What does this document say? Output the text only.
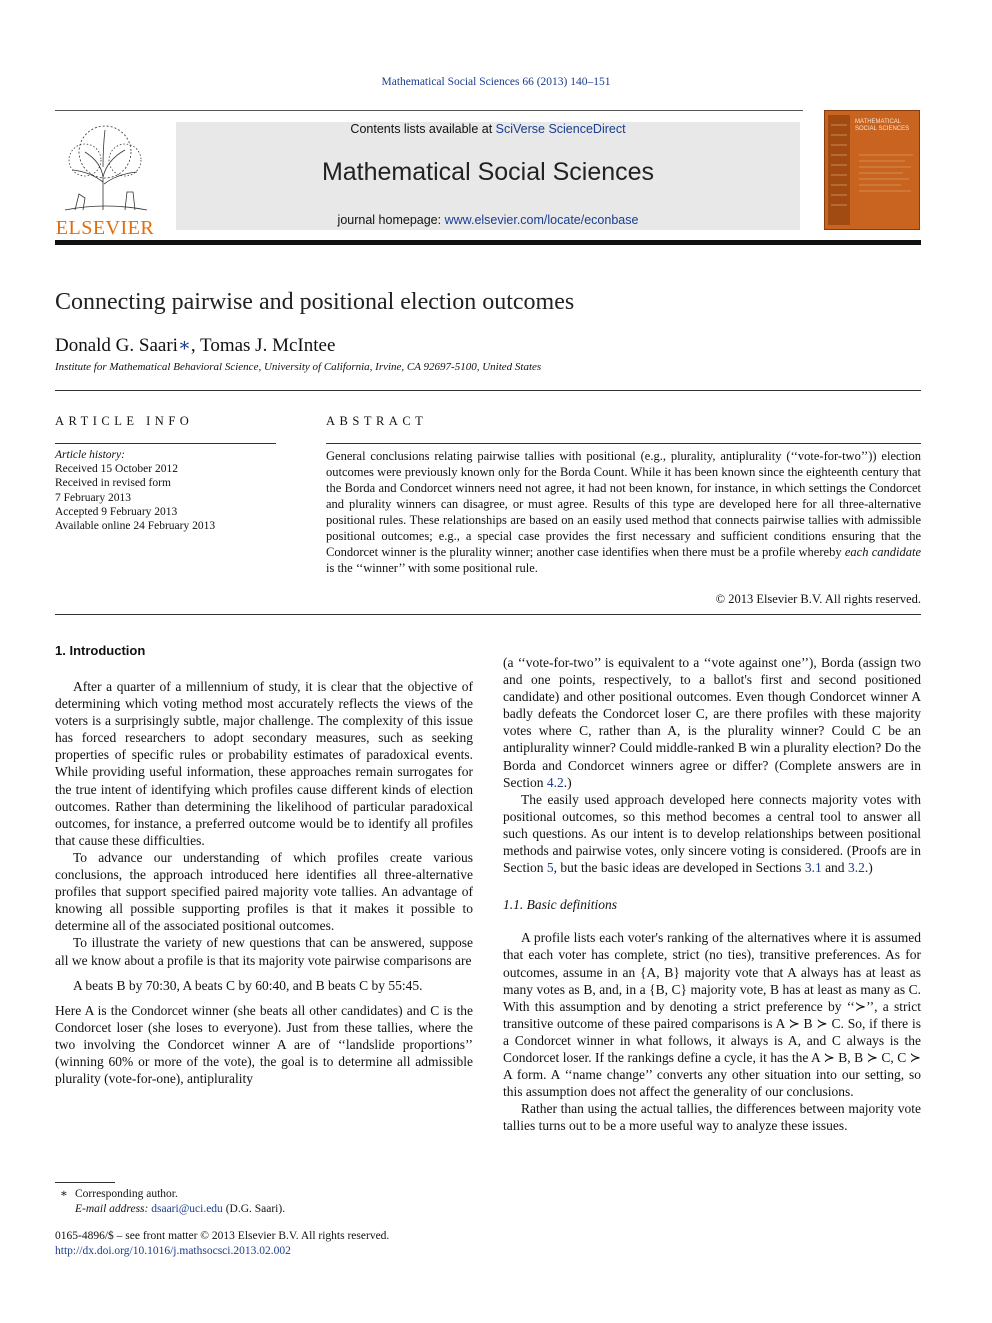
Mathematical Social Sciences 66 (2013) 140–151
ELSEVIER
Contents lists available at SciVerse ScienceDirect
Mathematical Social Sciences
journal homepage: www.elsevier.com/locate/econbase
MATHEMATICAL SOCIAL SCIENCES
Connecting pairwise and positional election outcomes
Donald G. Saari∗, Tomas J. McIntee
Institute for Mathematical Behavioral Science, University of California, Irvine, CA 92697-5100, United States
ARTICLE INFO	ABSTRACT
Article history:
Received 15 October 2012
Received in revised form
7 February 2013
Accepted 9 February 2013
Available online 24 February 2013
General conclusions relating pairwise tallies with positional (e.g., plurality, antiplurality (‘‘vote-for-two’’)) election outcomes were previously known only for the Borda Count. While it has been known since the eighteenth century that the Borda and Condorcet winners need not agree, it had not been known, for instance, in which settings the Condorcet and plurality winners can disagree, or must agree. Results of this type are developed here for all three-alternative positional rules. These relationships are based on an easily used method that connects pairwise tallies with admissible positional outcomes; e.g., a special case provides the first necessary and sufficient conditions ensuring that the Condorcet winner is the plurality winner; another case identifies when there must be a profile whereby each candidate is the ‘‘winner’’ with some positional rule.
© 2013 Elsevier B.V. All rights reserved.
1. Introduction

After a quarter of a millennium of study, it is clear that the objective of determining which voting method most accurately reflects the views of the voters is a surprisingly subtle, major challenge. The complexity of this issue has forced researchers to adopt secondary measures, such as seeking properties of specific rules or probability estimates of paradoxical events. While providing useful information, these approaches remain surrogates for the true intent of identifying which profiles cause different kinds of election outcomes. Rather than determining the likelihood of particular paradoxical outcomes, for instance, a preferred outcome would be to identify all profiles that cause these difficulties.

To advance our understanding of which profiles create various conclusions, the approach introduced here identifies all three-alternative profiles that support specified paired majority vote tallies. An advantage of knowing all possible supporting profiles is that it makes it possible to determine all of the associated positional outcomes.

To illustrate the variety of new questions that can be answered, suppose all we know about a profile is that its majority vote pairwise comparisons are

A beats B by 70:30, A beats C by 60:40, and B beats C by 55:45.

Here A is the Condorcet winner (she beats all other candidates) and C is the Condorcet loser (she loses to everyone). Just from these tallies, where the two involving the Condorcet winner A are of ‘‘landslide proportions’’ (winning 60% or more of the vote), the goal is to determine all admissible plurality (vote-for-one), antiplurality

(a ‘‘vote-for-two’’ is equivalent to a ‘‘vote against one’’), Borda (assign two and one points, respectively, to a ballot's first and second positioned candidate) and other positional outcomes. Even though Condorcet winner A badly defeats the Condorcet loser C, are there profiles with these majority votes where C, rather than A, is the plurality winner? Could C be an antiplurality winner? Could middle-ranked B win a plurality election? Do the Borda and Condorcet winners agree or differ? (Complete answers are in Section 4.2.)

The easily used approach developed here connects majority votes with positional outcomes, so this method becomes a central tool to answer all such questions. As our intent is to develop relationships between positional methods and pairwise votes, only sincere voting is considered. (Proofs are in Section 5, but the basic ideas are developed in Sections 3.1 and 3.2.)

1.1. Basic definitions

A profile lists each voter's ranking of the alternatives where it is assumed that each voter has complete, strict (no ties), transitive preferences. As for outcomes, assume in an {A, B} majority vote that A always has at least as many votes as B, and, in a {B, C} majority vote, B has at least as many as C. With this assumption and by denoting a strict preference by ‘‘≻’’, a strict transitive outcome of these paired comparisons is A ≻ B ≻ C. So, if there is a Condorcet winner in what follows, it always is A, and C always is the Condorcet loser. If the rankings define a cycle, it has the A ≻ B, B ≻ C, C ≻ A form. A ‘‘name change’’ converts any other situation into our setting, so this assumption does not affect the generality of our conclusions.

Rather than using the actual tallies, the differences between majority vote tallies turns out to be a more useful way to analyze these issues.

∗ Corresponding author.
E-mail address: dsaari@uci.edu (D.G. Saari).
0165-4896/$ – see front matter © 2013 Elsevier B.V. All rights reserved.
http://dx.doi.org/10.1016/j.mathsocsci.2013.02.002
